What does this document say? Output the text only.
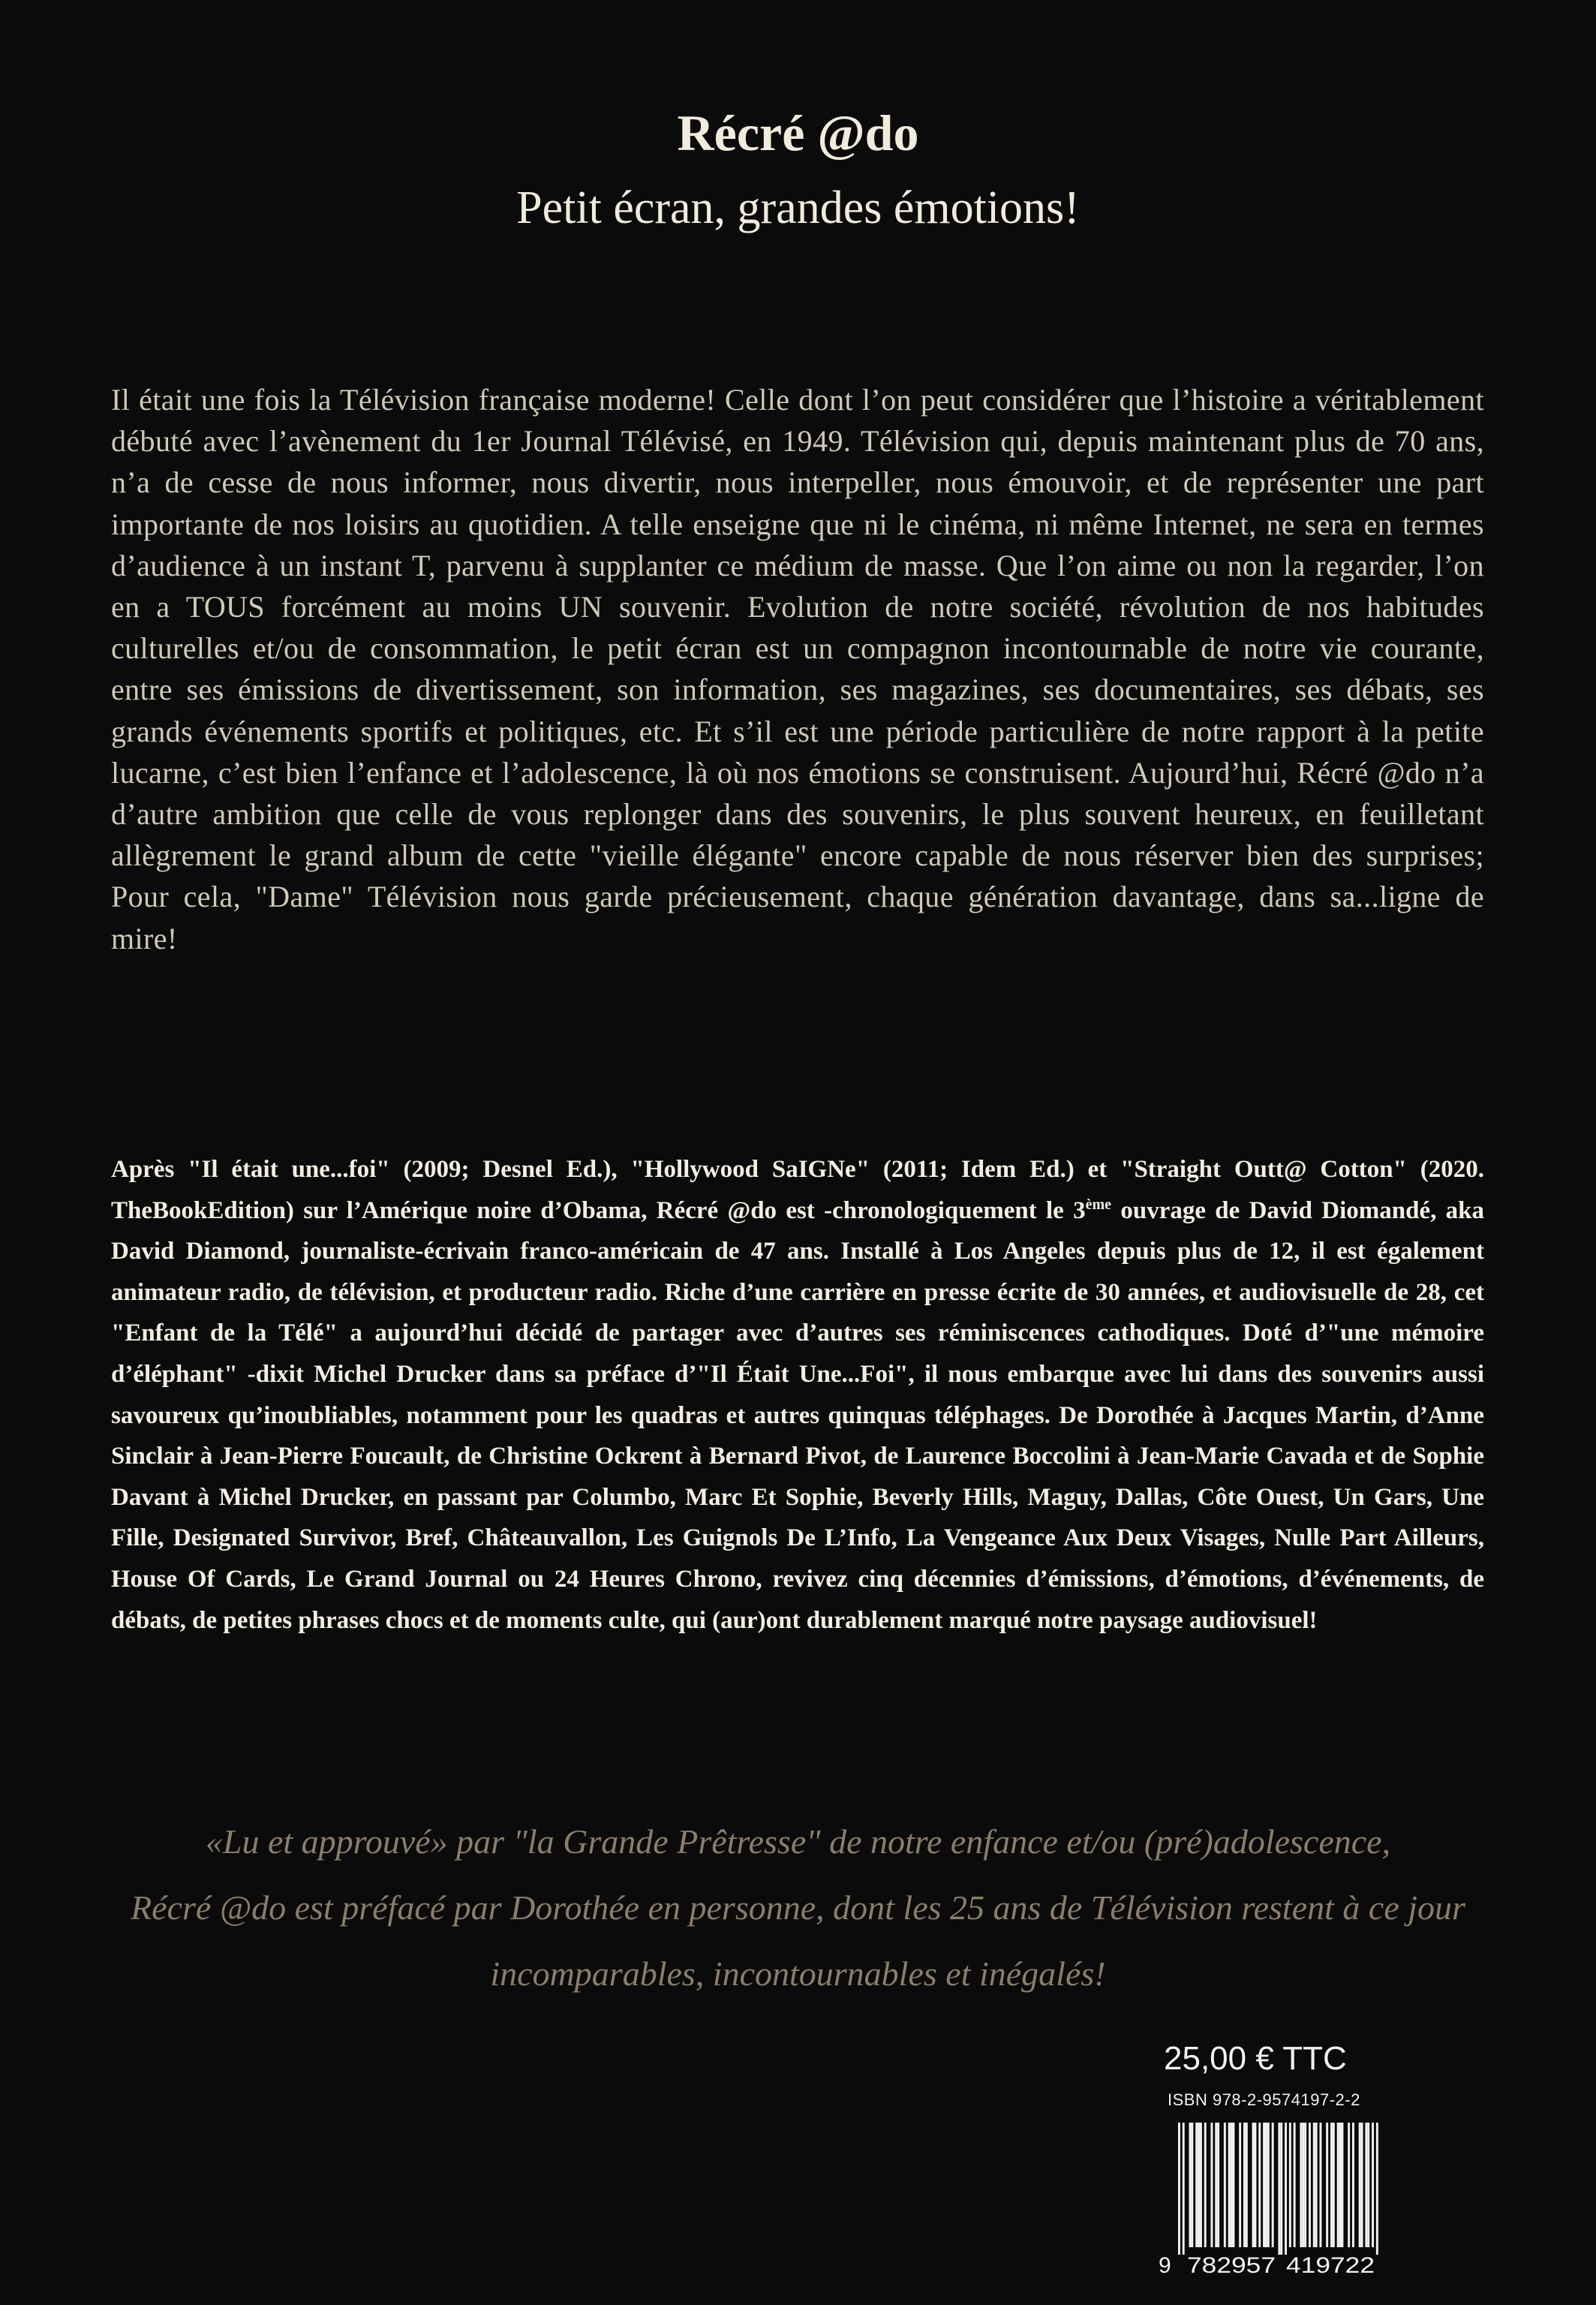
Récré @do
Petit écran, grandes émotions!

Il était une fois la Télévision française moderne! Celle dont l’on peut considérer que l’histoire a véritablement débuté avec l’avènement du 1er Journal Télévisé, en 1949. Télévision qui, depuis maintenant plus de 70 ans, n’a de cesse de nous informer, nous divertir, nous interpeller, nous émouvoir, et de représenter une part importante de nos loisirs au quotidien. A telle enseigne que ni le cinéma, ni même Internet, ne sera en termes d’audience à un instant T, parvenu à supplanter ce médium de masse. Que l’on aime ou non la regarder, l’on en a TOUS forcément au moins UN souvenir. Evolution de notre société, révolution de nos habitudes culturelles et/ou de consommation, le petit écran est un compagnon incontournable de notre vie courante, entre ses émissions de divertissement, son information, ses magazines, ses documentaires, ses débats, ses grands événements sportifs et politiques, etc. Et s’il est une période particulière de notre rapport à la petite lucarne, c’est bien l’enfance et l’adolescence, là où nos émotions se construisent. Aujourd’hui, Récré @do n’a d’autre ambition que celle de vous replonger dans des souvenirs, le plus souvent heureux, en feuilletant allègrement le grand album de cette "vieille élégante" encore capable de nous réserver bien des surprises; Pour cela, "Dame" Télévision nous garde précieusement, chaque génération davantage, dans sa...ligne de mire!

Après "Il était une...foi" (2009; Desnel Ed.), "Hollywood SaIGNe" (2011; Idem Ed.) et "Straight Outt@ Cotton" (2020. TheBookEdition) sur l’Amérique noire d’Obama, Récré @do est -chronologiquement le 3ème ouvrage de David Diomandé, aka David Diamond, journaliste-écrivain franco-américain de 47 ans. Installé à Los Angeles depuis plus de 12, il est également animateur radio, de télévision, et producteur radio. Riche d’une carrière en presse écrite de 30 années, et audiovisuelle de 28, cet "Enfant de la Télé" a aujourd’hui décidé de partager avec d’autres ses réminiscences cathodiques. Doté d’"une mémoire d’éléphant" -dixit Michel Drucker dans sa préface d’"Il Était Une...Foi", il nous embarque avec lui dans des souvenirs aussi savoureux qu’inoubliables, notamment pour les quadras et autres quinquas téléphages. De Dorothée à Jacques Martin, d’Anne Sinclair à Jean-Pierre Foucault, de Christine Ockrent à Bernard Pivot, de Laurence Boccolini à Jean-Marie Cavada et de Sophie Davant à Michel Drucker, en passant par Columbo, Marc Et Sophie, Beverly Hills, Maguy, Dallas, Côte Ouest, Un Gars, Une Fille, Designated Survivor, Bref, Châteauvallon, Les Guignols De L’Info, La Vengeance Aux Deux Visages, Nulle Part Ailleurs, House Of Cards, Le Grand Journal ou 24 Heures Chrono, revivez cinq décennies d’émissions, d’émotions, d’événements, de débats, de petites phrases chocs et de moments culte, qui (aur)ont durablement marqué notre paysage audiovisuel!

«Lu et approuvé» par "la Grande Prêtresse" de notre enfance et/ou (pré)adolescence,
Récré @do est préfacé par Dorothée en personne, dont les 25 ans de Télévision restent à ce jour
incomparables, incontournables et inégalés!

25,00 € TTC
ISBN 978-2-9574197-2-2
9 782957 419722
